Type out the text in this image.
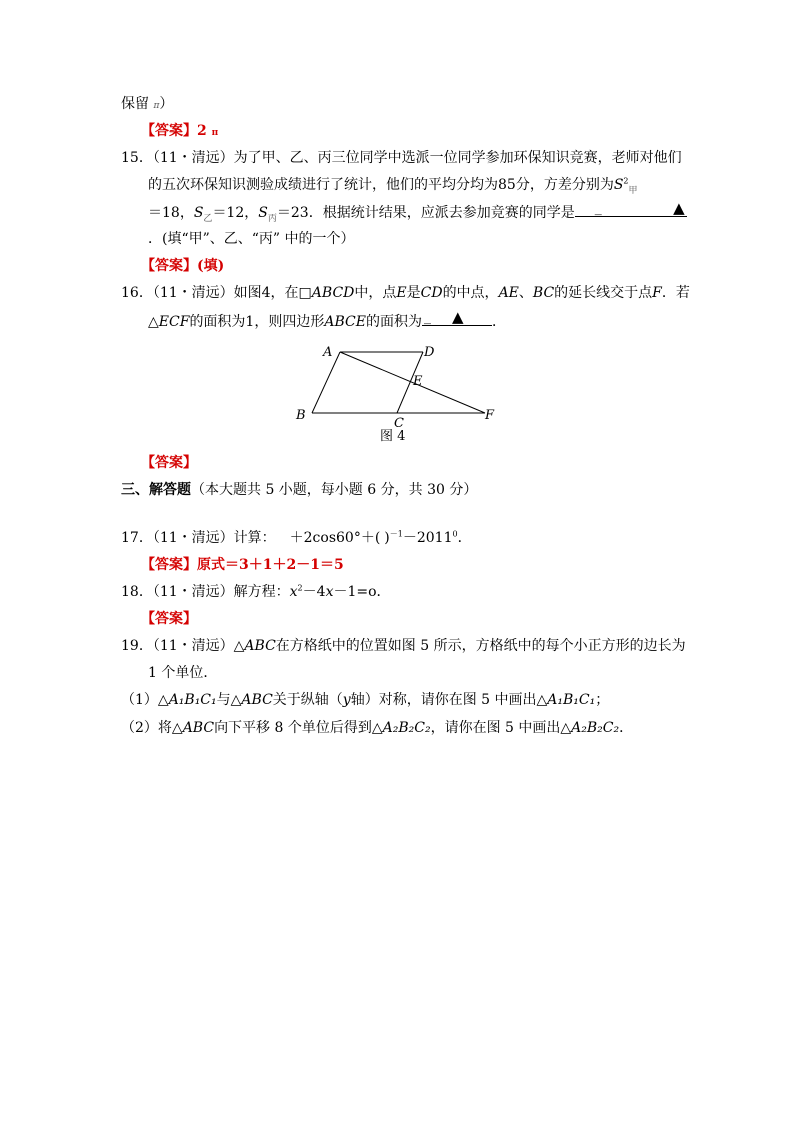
保留 π）
【答案】2 π
15．（11・清远）为了甲、乙、丙三位同学中选派一位同学参加环保知识竞赛，老师对他们
的五次环保知识测验成绩进行了统计，他们的平均分均为85分，方差分别为$S^2_甲$
＝18，$S_乙=12$，$S_丙=23$．根据统计结果，应派去参加竞赛的同学是 _	▲
．(填“甲”、乙、“丙” 中的一个）
【答案】(填)
16．（11・清远）如图4，在□ABCD中，点E是CD的中点，AE、BC的延长线交于点F．若
△ECF的面积为1，则四边形ABCE的面积为 _ ▲ ．
A	D
E
B
C
F
图 4
【答案】
三、解答题（本大题共 5 小题，每小题 6 分，共 30 分）
17．（11・清远）计算： ＋2cos60°＋( )$^{-1}-2011^0$．
【答案】原式＝3＋1＋2－1＝5
18．（11・清远）解方程：$x^2-4x-1=o$．
【答案】
19．（11・清远）△ABC在方格纸中的位置如图 5 所示，方格纸中的每个小正方形的边长为
1 个单位．
（1）△A₁B₁C₁与△ABC关于纵轴（y轴）对称，请你在图 5 中画出△A₁B₁C₁；
（2）将△ABC向下平移 8 个单位后得到△A₂B₂C₂，请你在图 5 中画出△A₂B₂C₂．
